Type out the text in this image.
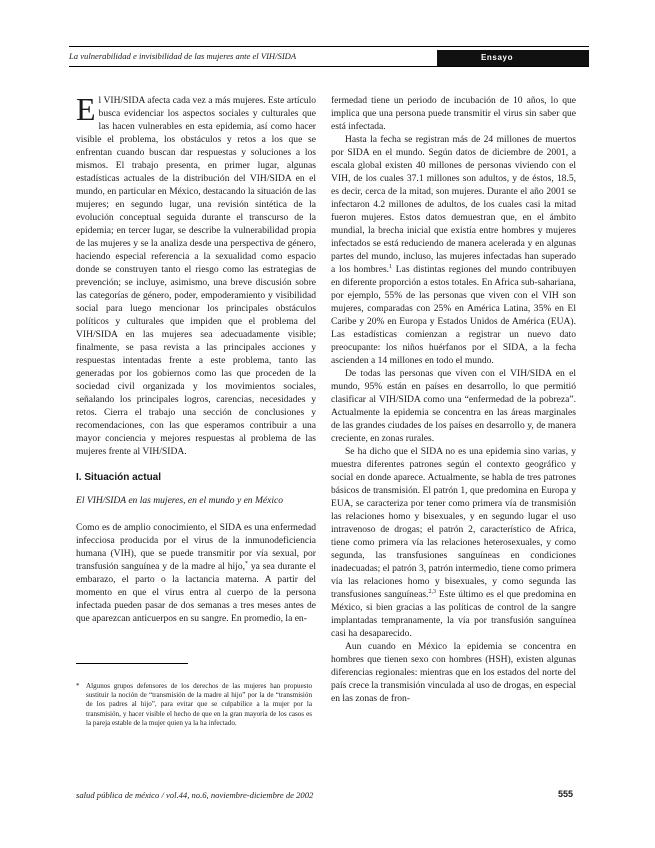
La vulnerabilidad e invisibilidad de las mujeres ante el VIH/SIDA	Ensayo

El VIH/SIDA afecta cada vez a más mujeres. Este artículo busca evidenciar los aspectos sociales y culturales que las hacen vulnerables en esta epidemia, así como hacer visible el problema, los obstáculos y retos a los que se enfrentan cuando buscan dar respuestas y soluciones a los mismos. El trabajo presenta, en primer lugar, algunas estadísticas actuales de la distribución del VIH/SIDA en el mundo, en particular en México, destacando la situación de las mujeres; en segundo lugar, una revisión sintética de la evolución conceptual seguida durante el transcurso de la epidemia; en tercer lugar, se describe la vulnerabilidad propia de las mujeres y se la analiza desde una perspectiva de género, haciendo especial referencia a la sexualidad como espacio donde se construyen tanto el riesgo como las estrategias de prevención; se incluye, asimismo, una breve discusión sobre las categorías de género, poder, empoderamiento y visibilidad social para luego mencionar los principales obstáculos políticos y culturales que impiden que el problema del VIH/SIDA en las mujeres sea adecuadamente visible; finalmente, se pasa revista a las principales acciones y respuestas intentadas frente a este problema, tanto las generadas por los gobiernos como las que proceden de la sociedad civil organizada y los movimientos sociales, señalando los principales logros, carencias, necesidades y retos. Cierra el trabajo una sección de conclusiones y recomendaciones, con las que esperamos contribuir a una mayor conciencia y mejores respuestas al problema de las mujeres frente al VIH/SIDA.

I. Situación actual
El VIH/SIDA en las mujeres, en el mundo y en México

Como es de amplio conocimiento, el SIDA es una enfermedad infecciosa producida por el virus de la inmunodeficiencia humana (VIH), que se puede transmitir por vía sexual, por transfusión sanguínea y de la madre al hijo,* ya sea durante el embarazo, el parto o la lactancia materna. A partir del momento en que el virus entra al cuerpo de la persona infectada pueden pasar de dos semanas a tres meses antes de que aparezcan anticuerpos en su sangre. En promedio, la en-

* Algunos grupos defensores de los derechos de las mujeres han propuesto sustituir la noción de “transmisión de la madre al hijo” por la de “transmisión de los padres al hijo”, para evitar que se culpabilice a la mujer por la transmisión, y hacer visible el hecho de que en la gran mayoría de los casos es la pareja estable de la mujer quien ya la ha infectado.

fermedad tiene un periodo de incubación de 10 años, lo que implica que una persona puede transmitir el virus sin saber que está infectada.

Hasta la fecha se registran más de 24 millones de muertos por SIDA en el mundo. Según datos de diciembre de 2001, a escala global existen 40 millones de personas viviendo con el VIH, de los cuales 37.1 millones son adultos, y de éstos, 18.5, es decir, cerca de la mitad, son mujeres. Durante el año 2001 se infectaron 4.2 millones de adultos, de los cuales casi la mitad fueron mujeres. Estos datos demuestran que, en el ámbito mundial, la brecha inicial que existía entre hombres y mujeres infectados se está reduciendo de manera acelerada y en algunas partes del mundo, incluso, las mujeres infectadas han superado a los hombres.$^1$ Las distintas regiones del mundo contribuyen en diferente proporción a estos totales. En Africa sub-sahariana, por ejemplo, 55% de las personas que viven con el VIH son mujeres, comparadas con 25% en América Latina, 35% en El Caribe y 20% en Europa y Estados Unidos de América (EUA). Las estadísticas comienzan a registrar un nuevo dato preocupante: los niños huérfanos por el SIDA, a la fecha ascienden a 14 millones en todo el mundo.

De todas las personas que viven con el VIH/SIDA en el mundo, 95% están en países en desarrollo, lo que permitió clasificar al VIH/SIDA como una “enfermedad de la pobreza”. Actualmente la epidemia se concentra en las áreas marginales de las grandes ciudades de los países en desarrollo y, de manera creciente, en zonas rurales.

Se ha dicho que el SIDA no es una epidemia sino varias, y muestra diferentes patrones según el contexto geográfico y social en donde aparece. Actualmente, se habla de tres patrones básicos de transmisión. El patrón 1, que predomina en Europa y EUA, se caracteriza por tener como primera vía de transmisión las relaciones homo y bisexuales, y en segundo lugar el uso intravenoso de drogas; el patrón 2, característico de Africa, tiene como primera vía las relaciones heterosexuales, y como segunda, las transfusiones sanguíneas en condiciones inadecuadas; el patrón 3, patrón intermedio, tiene como primera vía las relaciones homo y bisexuales, y como segunda las transfusiones sanguíneas.$^{2,3}$ Este último es el que predomina en México, si bien gracias a las políticas de control de la sangre implantadas tempranamente, la vía por transfusión sanguínea casi ha desaparecido.

Aun cuando en México la epidemia se concentra en hombres que tienen sexo con hombres (HSH), existen algunas diferencias regionales: mientras que en los estados del norte del país crece la transmisión vinculada al uso de drogas, en especial en las zonas de fron-

salud pública de méxico / vol.44, no.6, noviembre-diciembre de 2002	555
